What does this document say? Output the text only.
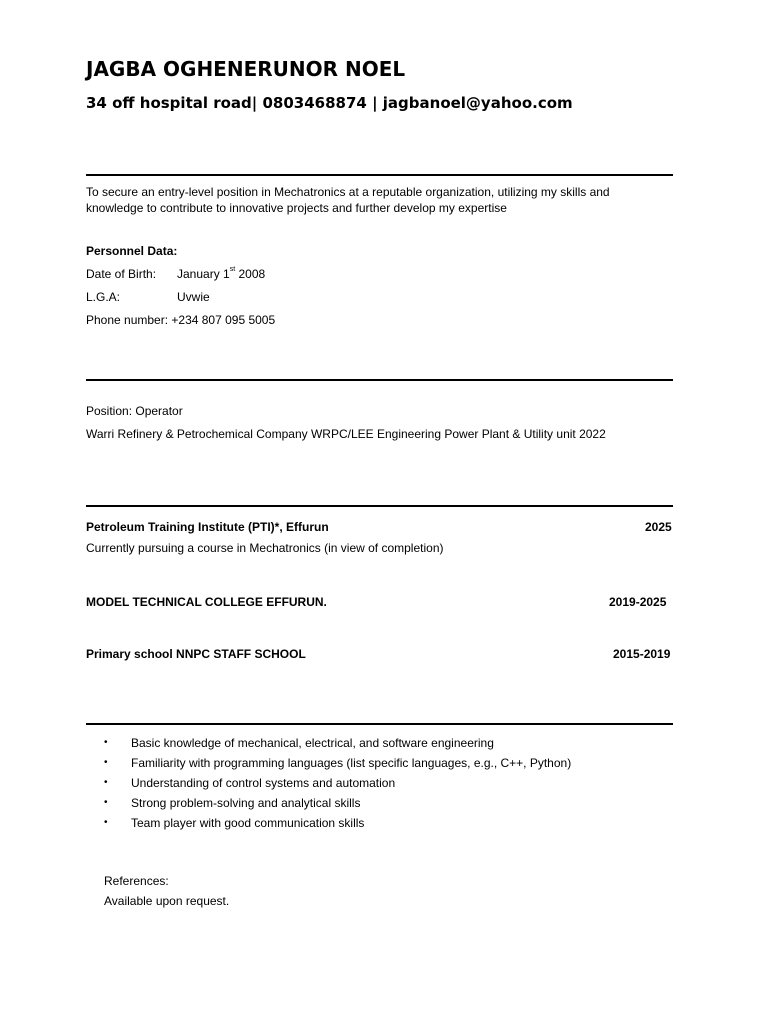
JAGBA OGHENERUNOR NOEL
34 off hospital road| 0803468874 | jagbanoel@yahoo.com
To secure an entry-level position in Mechatronics at a reputable organization, utilizing my skills and
knowledge to contribute to innovative projects and further develop my expertise
Personnel Data:
Date of Birth: January 1st 2008
L.G.A:	Uvwie
Phone number: +234 807 095 5005
Position: Operator
Warri Refinery & Petrochemical Company WRPC/LEE Engineering Power Plant & Utility unit 2022
Petroleum Training Institute (PTI)*, Effurun	2025
Currently pursuing a course in Mechatronics (in view of completion)
MODEL TECHNICAL COLLEGE EFFURUN.	2019-2025
Primary school NNPC STAFF SCHOOL	2015-2019
• Basic knowledge of mechanical, electrical, and software engineering
• Familiarity with programming languages (list specific languages, e.g., C++, Python)
• Understanding of control systems and automation
• Strong problem-solving and analytical skills
• Team player with good communication skills
References:
Available upon request.
